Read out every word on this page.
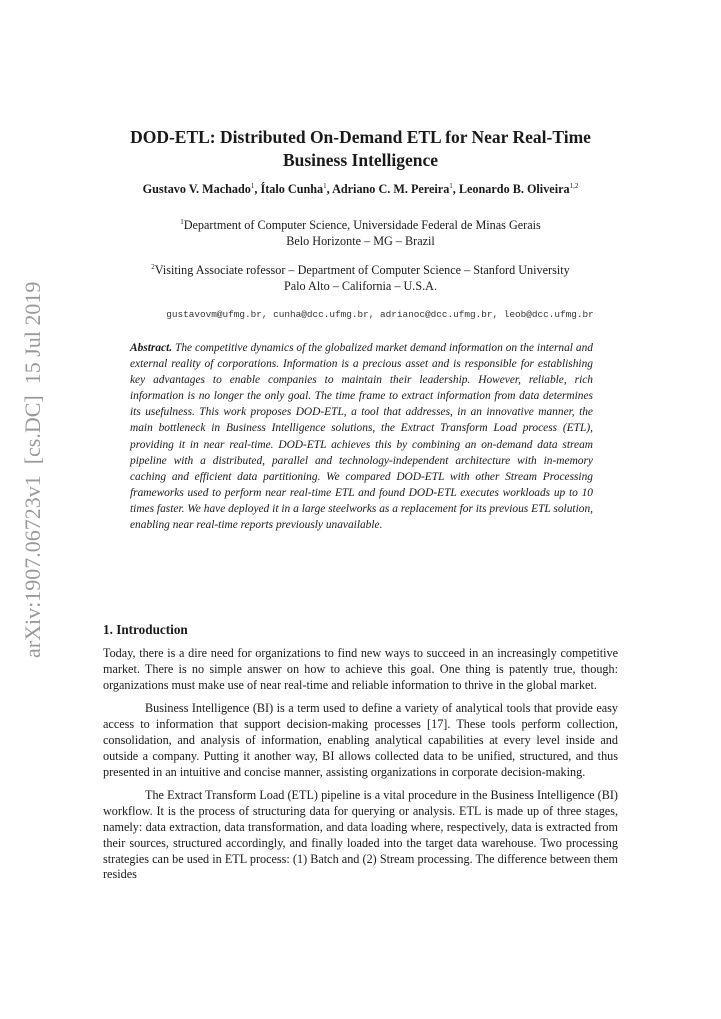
arXiv:1907.06723v1  [cs.DC]  15 Jul 2019
DOD-ETL: Distributed On-Demand ETL for Near Real-Time Business Intelligence
Gustavo V. Machado$^1$, Ítalo Cunha$^1$, Adriano C. M. Pereira$^1$, Leonardo B. Oliveira$^{1,2}$
$^1$Department of Computer Science, Universidade Federal de Minas Gerais
Belo Horizonte – MG – Brazil
$^2$Visiting Associate rofessor – Department of Computer Science – Stanford University
Palo Alto – California – U.S.A.
gustavovm@ufmg.br, cunha@dcc.ufmg.br, adrianoc@dcc.ufmg.br, leob@dcc.ufmg.br

Abstract. The competitive dynamics of the globalized market demand information on the internal and external reality of corporations. Information is a precious asset and is responsible for establishing key advantages to enable companies to maintain their leadership. However, reliable, rich information is no longer the only goal. The time frame to extract information from data determines its usefulness. This work proposes DOD-ETL, a tool that addresses, in an innovative manner, the main bottleneck in Business Intelligence solutions, the Extract Transform Load process (ETL), providing it in near real-time. DOD-ETL achieves this by combining an on-demand data stream pipeline with a distributed, parallel and technology-independent architecture with in-memory caching and efficient data partitioning. We compared DOD-ETL with other Stream Processing frameworks used to perform near real-time ETL and found DOD-ETL executes workloads up to 10 times faster. We have deployed it in a large steelworks as a replacement for its previous ETL solution, enabling near real-time reports previously unavailable.

1. Introduction

Today, there is a dire need for organizations to find new ways to succeed in an increasingly competitive market. There is no simple answer on how to achieve this goal. One thing is patently true, though: organizations must make use of near real-time and reliable information to thrive in the global market.

Business Intelligence (BI) is a term used to define a variety of analytical tools that provide easy access to information that support decision-making processes [17]. These tools perform collection, consolidation, and analysis of information, enabling analytical capabilities at every level inside and outside a company. Putting it another way, BI allows collected data to be unified, structured, and thus presented in an intuitive and concise manner, assisting organizations in corporate decision-making.

The Extract Transform Load (ETL) pipeline is a vital procedure in the Business Intelligence (BI) workflow. It is the process of structuring data for querying or analysis. ETL is made up of three stages, namely: data extraction, data transformation, and data loading where, respectively, data is extracted from their sources, structured accordingly, and finally loaded into the target data warehouse. Two processing strategies can be used in ETL process: (1) Batch and (2) Stream processing. The difference between them resides
